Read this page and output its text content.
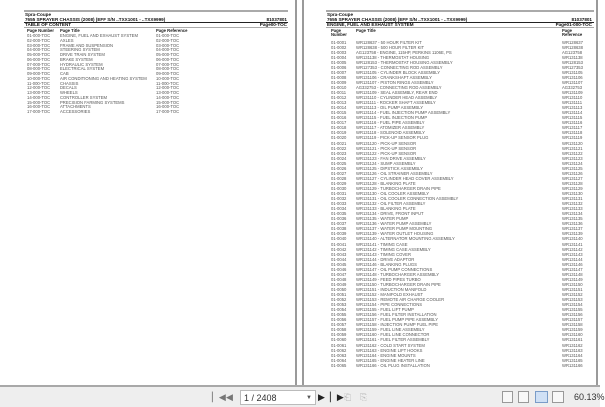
Spra-Coupe
7655 SPRAYER CHASSIS (2008) (EFF S/N ..TXX1001 - ..TXX9999)	81037801
TABLE OF CONTENT	Page00-TOC
Page Number Page Title	Page Reference
01-000-TOC ENGINE, FUEL AND EXHAUST SYSTEM	01-000-TOC
02-000-TOC AXLES	02-000-TOC
03-000-TOC FRAME AND SUSPENSION	03-000-TOC
04-000-TOC STEERING SYSTEM	04-000-TOC
05-000-TOC DRIVE TRAIN SYSTEM	05-000-TOC
06-000-TOC BRAKE SYSTEM	06-000-TOC
07-000-TOC HYDRAULIC SYSTEM	07-000-TOC
08-000-TOC ELECTRICAL SYSTEM	08-000-TOC
09-000-TOC CAB	09-000-TOC
10-000-TOC AIR CONDITIONING AND HEATING SYSTEM 10-000-TOC
11-000-TOC CHASSIS	11-000-TOC
12-000-TOC DECALS	12-000-TOC
13-000-TOC WHEELS	13-000-TOC
14-000-TOC CONTROLLER SYSTEM	14-000-TOC
15-000-TOC PRECISION FARMING SYSTEMS	15-000-TOC
16-000-TOC ATTACHMENTS	16-000-TOC
17-000-TOC ACCESSORIES	17-000-TOC
Spra-Coupe
7655 SPRAYER CHASSIS (2008) (EFF S/N ..TXX1001 - ..TXX9999)	81037801
ENGINE, FUEL AND EXHAUST SYSTEM	Page01-000-TOC
Page Number
Page Title	Page Reference
01-0001 WR128637 - 50 HOUR FILTER KIT	WR128637
01-0002 WR128638 - 500 HOUR FILTER KIT	WR128638
01-0003 AG123758 - ENGINE, 115HP, PERKINS 1106E, PS	AG123758
01-0004 WR131138 - THERMOSTAT HOUSING	WR131138
01-0005 WR128153 - THERMOSTAT HOUSING ASSEMBLY	WR128153
01-0006 WR127353 - CONNECTING ROD ASSEMBLY	WR127353
01-0007 WR131105 - CYLINDER BLOCK ASSEMBLY	WR131105
01-0008 WR131106 - CRANKSHAFT ASSEMBLY	WR131106
01-0009 WR131107 - PISTON RINGS ASSEMBLY	WR131107
01-0010 AG332753 - CONNECTING ROD ASSEMBLY	AG332753
01-0011 WR131109 - SEAL ASSEMBLY, REAR END	WR131109
01-0012 WR131110 - CYLINDER HEAD ASSEMBLY	WR131110
01-0013 WR131111 - ROCKER SHAFT ASSEMBLY	WR131111
01-0014 WR131113 - OIL PUMP ASSEMBLY	WR131113
01-0015 WR131114 - FUEL INJECTION PUMP ASSEMBLY	WR131114
01-0016 WR131115 - FUEL INJECTION PUMP	WR131115
01-0017 WR131116 - FUEL PIPE ASSEMBLY	WR131116
01-0018 WR131117 - ATOMIZER ASSEMBLY	WR131117
01-0019 WR131118 - SOLENOID ASSEMBLY	WR131118
01-0020 WR131119 - PICK-UP SENSOR PLUG	WR131119
01-0021 WR131120 - PICK-UP SENSOR	WR131120
01-0022 WR131121 - PICK-UP SENSOR	WR131121
01-0023 WR131122 - PICK-UP SENSOR	WR131122
01-0024 WR131123 - FAN DRIVE ASSEMBLY	WR131123
01-0025 WR131124 - SUMP ASSEMBLY	WR131124
01-0026 WR131125 - DIPSTICK ASSEMBLY	WR131125
01-0027 WR131126 - OIL STRAINER ASSEMBLY	WR131126
01-0028 WR131127 - CYLINDER HEAD COVER ASSEMBLY	WR131127
01-0029 WR131128 - BLANKING PLATE	WR131128
01-0030 WR131129 - TURBOCHARGER DRAIN PIPE	WR131129
01-0031 WR131130 - OIL COOLER ASSEMBLY	WR131130
01-0032 WR131131 - OIL COOLER CONNECTION ASSEMBLY	WR131131
01-0033 WR131132 - OIL FILTER ASSEMBLY	WR131132
01-0034 WR131133 - BLANKING PLATE	WR131133
01-0035 WR131134 - DRIVE, FRONT INPUT	WR131134
01-0036 WR131135 - WATER PUMP	WR131135
01-0037 WR131136 - WATER PUMP ASSEMBLY	WR131136
01-0038 WR131137 - WATER PUMP MOUNTING	WR131137
01-0039 WR131139 - WATER OUTLET HOUSING	WR131139
01-0040 WR131140 - ALTERNATOR MOUNTING ASSEMBLY	WR131140
01-0041 WR131141 - TIMING CASE	WR131141
01-0042 WR131142 - TIMING CASE ASSEMBLY	WR131142
01-0043 WR131143 - TIMING COVER	WR131143
01-0044 WR131144 - DRIVE ADAPTOR	WR131144
01-0045 WR131146 - BLANKING PLUGS	WR131146
01-0046 WR131147 - OIL PUMP CONNECTIONS	WR131147
01-0047 WR131148 - TURBOCHARGER ASSEMBLY	WR131148
01-0048 WR131149 - FEED PIPES TURBO	WR131149
01-0049 WR131150 - TURBOCHARGER DRAIN PIPE	WR131150
01-0050 WR131151 - INDUCTION MANIFOLD	WR131151
01-0051 WR131152 - MANIFOLD EXHAUST	WR131152
01-0052 WR131153 - REMOTE AIR CHARGE COOLER	WR131153
01-0053 WR131154 - PIPE CONNECTIONS	WR131154
01-0054 WR131155 - FUEL LIFT PUMP	WR131155
01-0055 WR131156 - FUEL FILTER INSTALLATION	WR131156
01-0056 WR131157 - FUEL PUMP PIPE ASSEMBLY	WR131157
01-0057 WR131158 - INJECTION PUMP FUEL PIPE	WR131158
01-0058 WR131159 - FUEL LINE ASSEMBLY	WR131159
01-0059 WR131160 - FUEL LINE CONNECTOR	WR131160
01-0060 WR131161 - FUEL FILTER ASSEMBLY	WR131161
01-0061 WR131162 - COLD START SYSTEM	WR131162
01-0062 WR131163 - ENGINE LIFT HOOKS	WR131163
01-0063 WR131164 - ENGINE MOUNTS	WR131164
01-0064 WR131165 - ENGINE HEATER LINE	WR131165
01-0065 WR131166 - OIL PLUG INSTALLATION	WR131166
▏◀ ◀	1 / 2408	▼ ▶ ▏▶ ⎗ ⎘	60.13%
